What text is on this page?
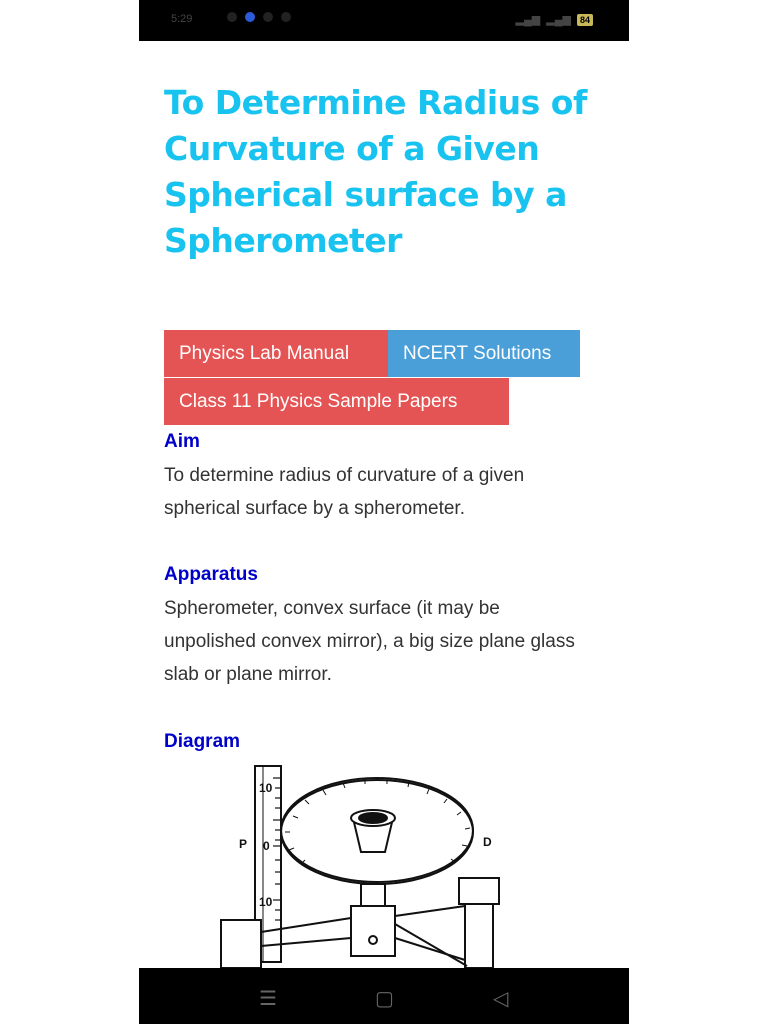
5:29	▂▄▆ ▂▄▆	84
To Determine Radius of Curvature of a Given Spherical surface by a Spherometer
Physics Lab Manual	NCERT Solutions
Class 11 Physics Sample Papers
Aim
To determine radius of curvature of a given spherical surface by a spherometer.
Apparatus
Spherometer, convex surface (it may be unpolished convex mirror), a big size plane glass slab or plane mirror.
Diagram
10
0
10
P	D
☰	▢	◁
